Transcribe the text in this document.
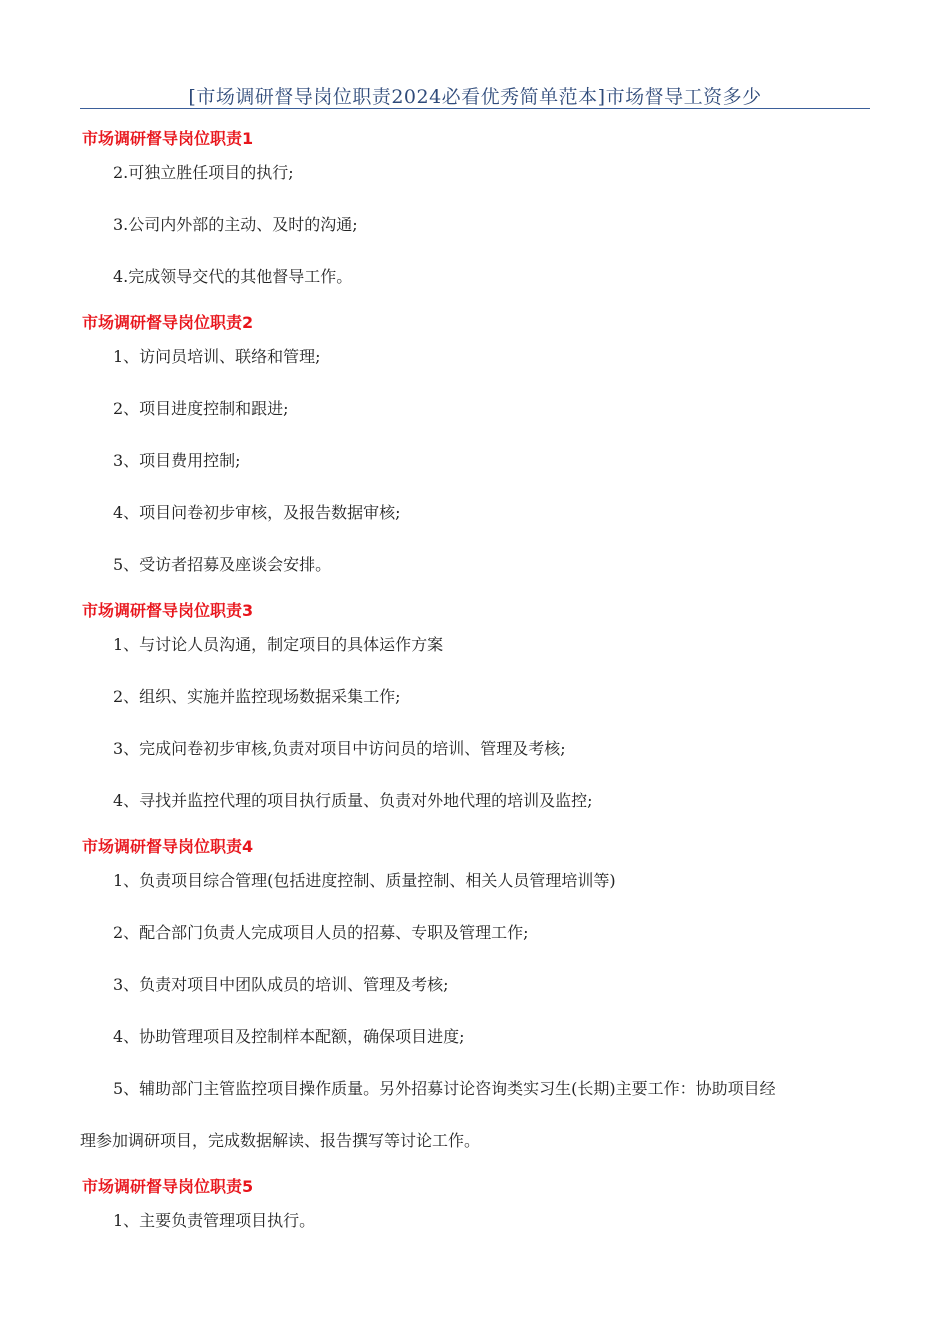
[市场调研督导岗位职责2024必看优秀简单范本]市场督导工资多少
市场调研督导岗位职责1

2.可独立胜任项目的执行;

3.公司内外部的主动、及时的沟通;

4.完成领导交代的其他督导工作。

市场调研督导岗位职责2

1、访问员培训、联络和管理;

2、项目进度控制和跟进;

3、项目费用控制;

4、项目问卷初步审核，及报告数据审核;

5、受访者招募及座谈会安排。

市场调研督导岗位职责3

1、与讨论人员沟通，制定项目的具体运作方案

2、组织、实施并监控现场数据采集工作;

3、完成问卷初步审核,负责对项目中访问员的培训、管理及考核;

4、寻找并监控代理的项目执行质量、负责对外地代理的培训及监控;

市场调研督导岗位职责4

1、负责项目综合管理(包括进度控制、质量控制、相关人员管理培训等)

2、配合部门负责人完成项目人员的招募、专职及管理工作;

3、负责对项目中团队成员的培训、管理及考核;

4、协助管理项目及控制样本配额，确保项目进度;

5、辅助部门主管监控项目操作质量。另外招募讨论咨询类实习生(长期)主要工作：协助项目经
理参加调研项目，完成数据解读、报告撰写等讨论工作。

市场调研督导岗位职责5

1、主要负责管理项目执行。
